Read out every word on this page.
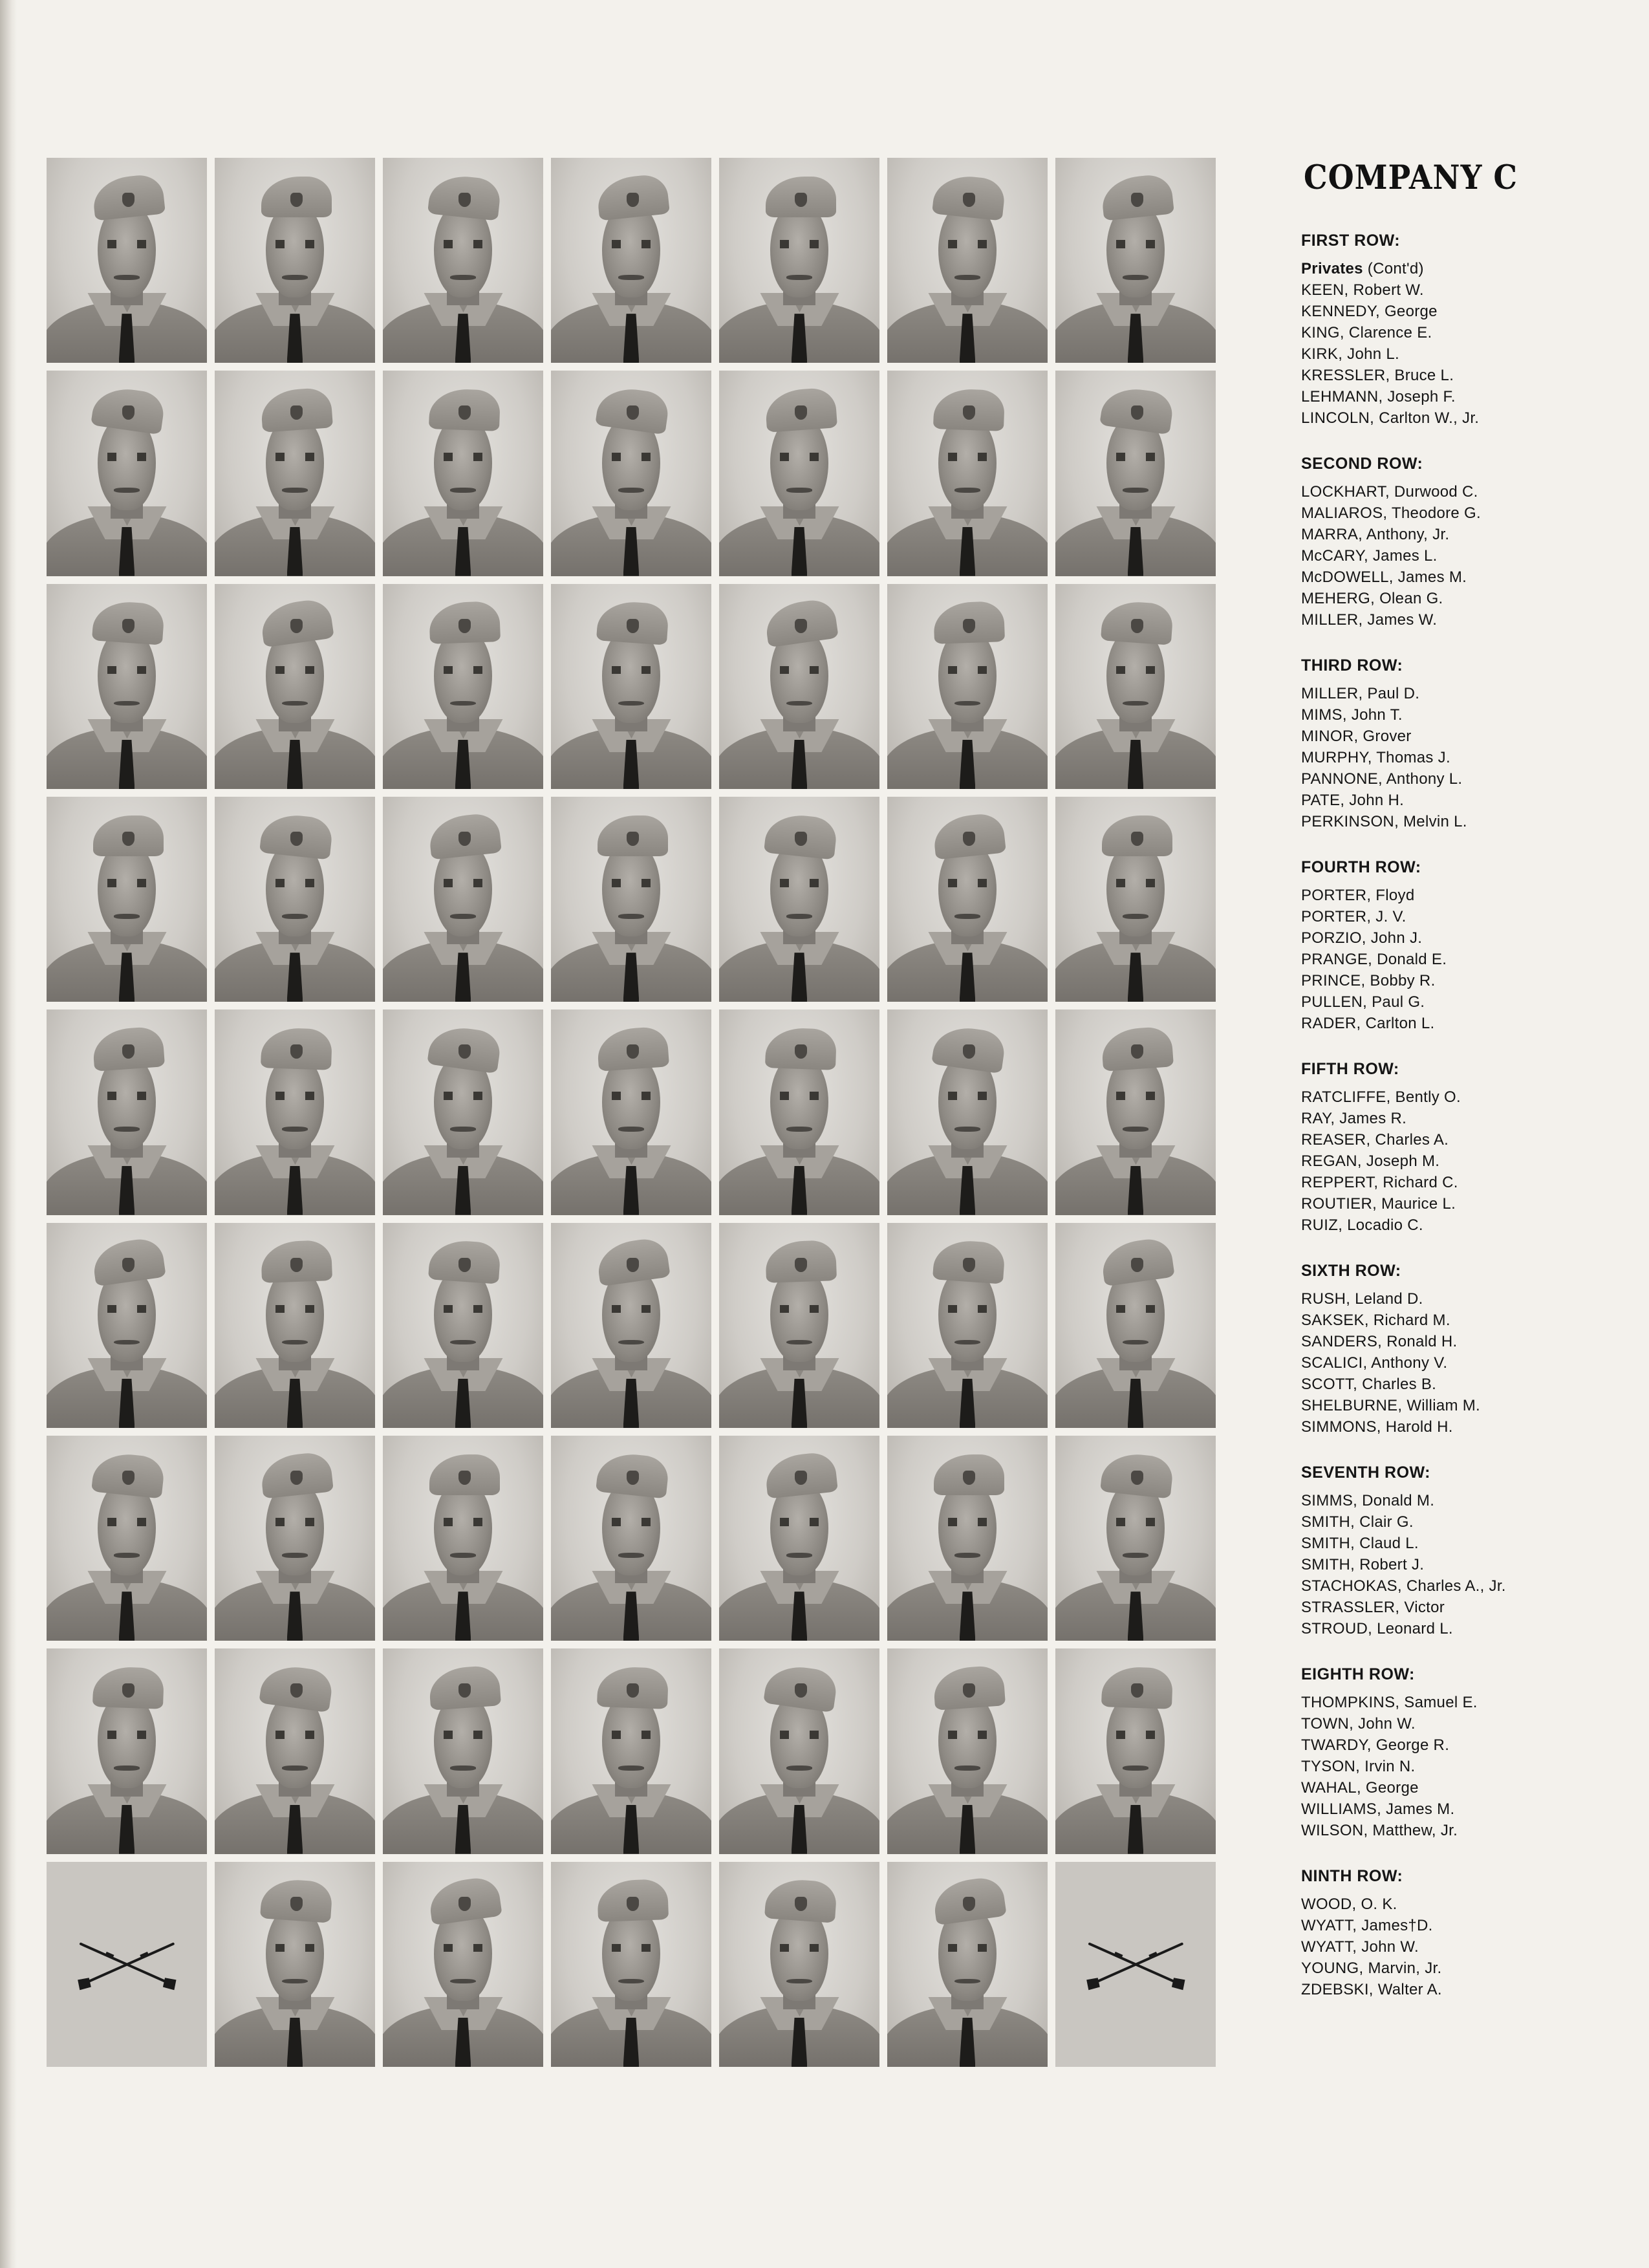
COMPANY C
FIRST ROW:
Privates (Cont'd)
KEEN, Robert W.
KENNEDY, George
KING, Clarence E.
KIRK, John L.
KRESSLER, Bruce L.
LEHMANN, Joseph F.
LINCOLN, Carlton W., Jr.
SECOND ROW:
LOCKHART, Durwood C.
MALIAROS, Theodore G.
MARRA, Anthony, Jr.
McCARY, James L.
McDOWELL, James M.
MEHERG, Olean G.
MILLER, James W.
THIRD ROW:
MILLER, Paul D.
MIMS, John T.
MINOR, Grover
MURPHY, Thomas J.
PANNONE, Anthony L.
PATE, John H.
PERKINSON, Melvin L.
FOURTH ROW:
PORTER, Floyd
PORTER, J. V.
PORZIO, John J.
PRANGE, Donald E.
PRINCE, Bobby R.
PULLEN, Paul G.
RADER, Carlton L.
FIFTH ROW:
RATCLIFFE, Bently O.
RAY, James R.
REASER, Charles A.
REGAN, Joseph M.
REPPERT, Richard C.
ROUTIER, Maurice L.
RUIZ, Locadio C.
SIXTH ROW:
RUSH, Leland D.
SAKSEK, Richard M.
SANDERS, Ronald H.
SCALICI, Anthony V.
SCOTT, Charles B.
SHELBURNE, William M.
SIMMONS, Harold H.
SEVENTH ROW:
SIMMS, Donald M.
SMITH, Clair G.
SMITH, Claud L.
SMITH, Robert J.
STACHOKAS, Charles A., Jr.
STRASSLER, Victor
STROUD, Leonard L.
EIGHTH ROW:
THOMPKINS, Samuel E.
TOWN, John W.
TWARDY, George R.
TYSON, Irvin N.
WAHAL, George
WILLIAMS, James M.
WILSON, Matthew, Jr.
NINTH ROW:
WOOD, O. K.
WYATT, James†D.
WYATT, John W.
YOUNG, Marvin, Jr.
ZDEBSKI, Walter A.
